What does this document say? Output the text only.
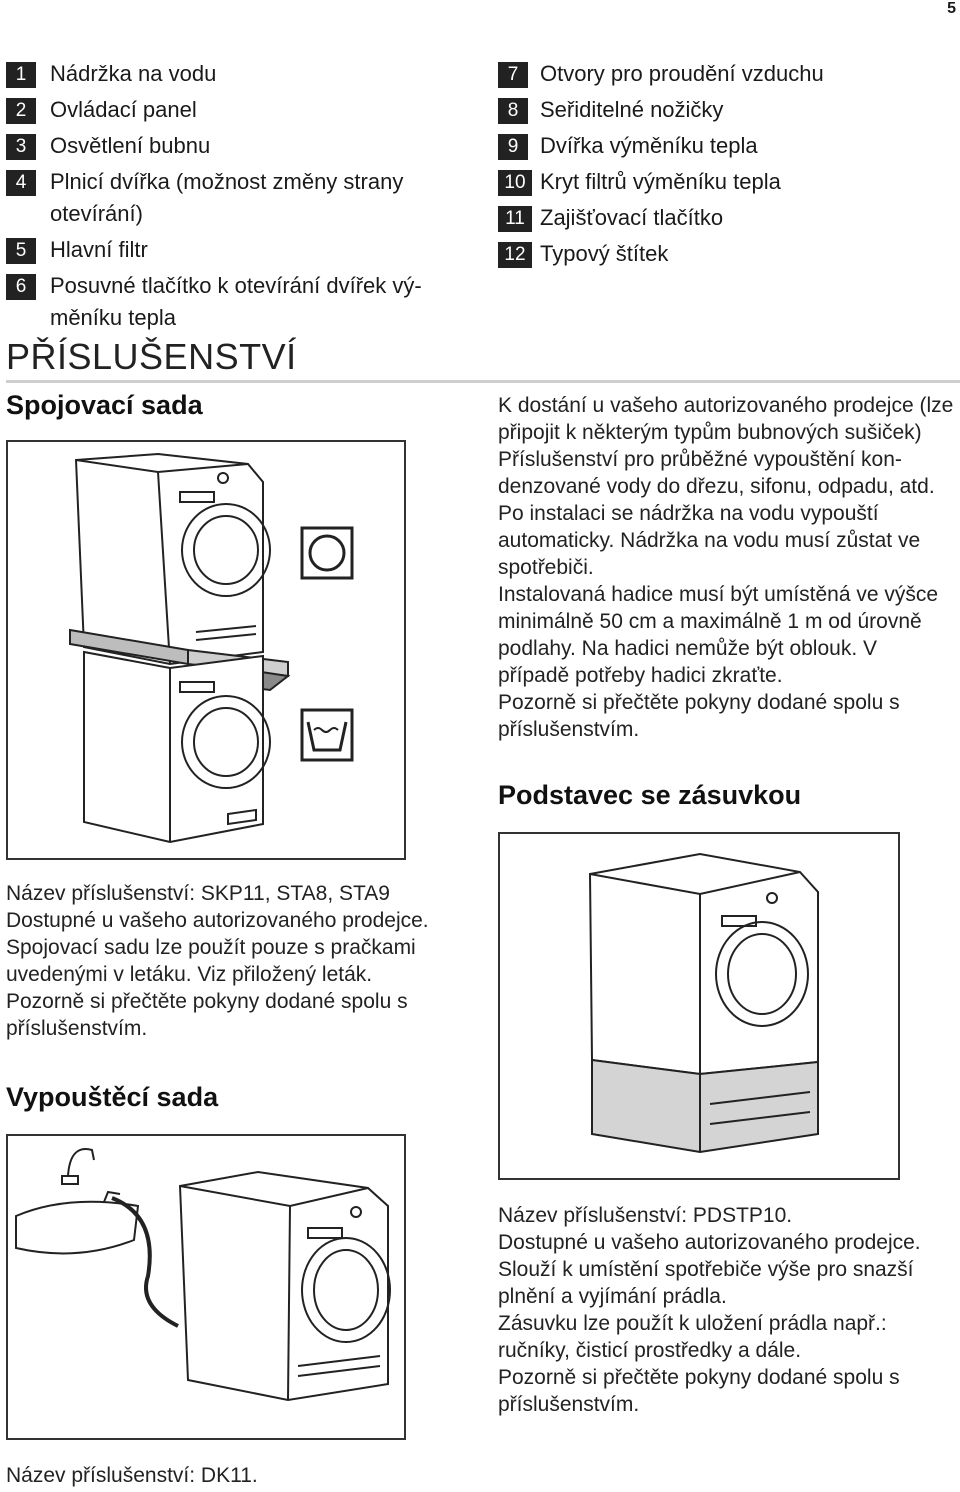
5
1	Nádržka na vodu
2	Ovládací panel
3	Osvětlení bubnu
4	Plnicí dvířka (možnost změny strany otevírání)
5	Hlavní filtr
6	Posuvné tlačítko k otevírání dvířek výměníku tepla
7 Otvory pro proudění vzduchu
8 Seřiditelné nožičky
9 Dvířka výměníku tepla
10 Kryt filtrů výměníku tepla
11 Zajišťovací tlačítko
12 Typový štítek
PŘÍSLUŠENSTVÍ
Spojovací sada

Název příslušenství: SKP11, STA8, STA9

Dostupné u vašeho autorizovaného prodejce. Spojovací sadu lze použít pouze s pračkami uvedenými v letáku. Viz přiložený leták.

Pozorně si přečtěte pokyny dodané spolu s příslušenstvím.

K dostání u vašeho autorizovaného prodejce (lze připojit k některým typům bubnových sušiček)

Příslušenství pro průběžné vypouštění kondenzované vody do dřezu, sifonu, odpadu, atd. Po instalaci se nádržka na vodu vypouští automaticky. Nádržka na vodu musí zůstat ve spotřebiči.

Instalovaná hadice musí být umístěná ve výšce minimálně 50 cm a maximálně 1 m od úrovně podlahy. Na hadici nemůže být oblouk. V případě potřeby hadici zkraťte.

Pozorně si přečtěte pokyny dodané spolu s příslušenstvím.

Podstavec se zásuvkou
Vypouštěcí sada
Název příslušenství: DK11.

Název příslušenství: PDSTP10.

Dostupné u vašeho autorizovaného prodejce.

Slouží k umístění spotřebiče výše pro snazší plnění a vyjímání prádla.

Zásuvku lze použít k uložení prádla např.: ručníky, čisticí prostředky a dále.

Pozorně si přečtěte pokyny dodané spolu s příslušenstvím.
